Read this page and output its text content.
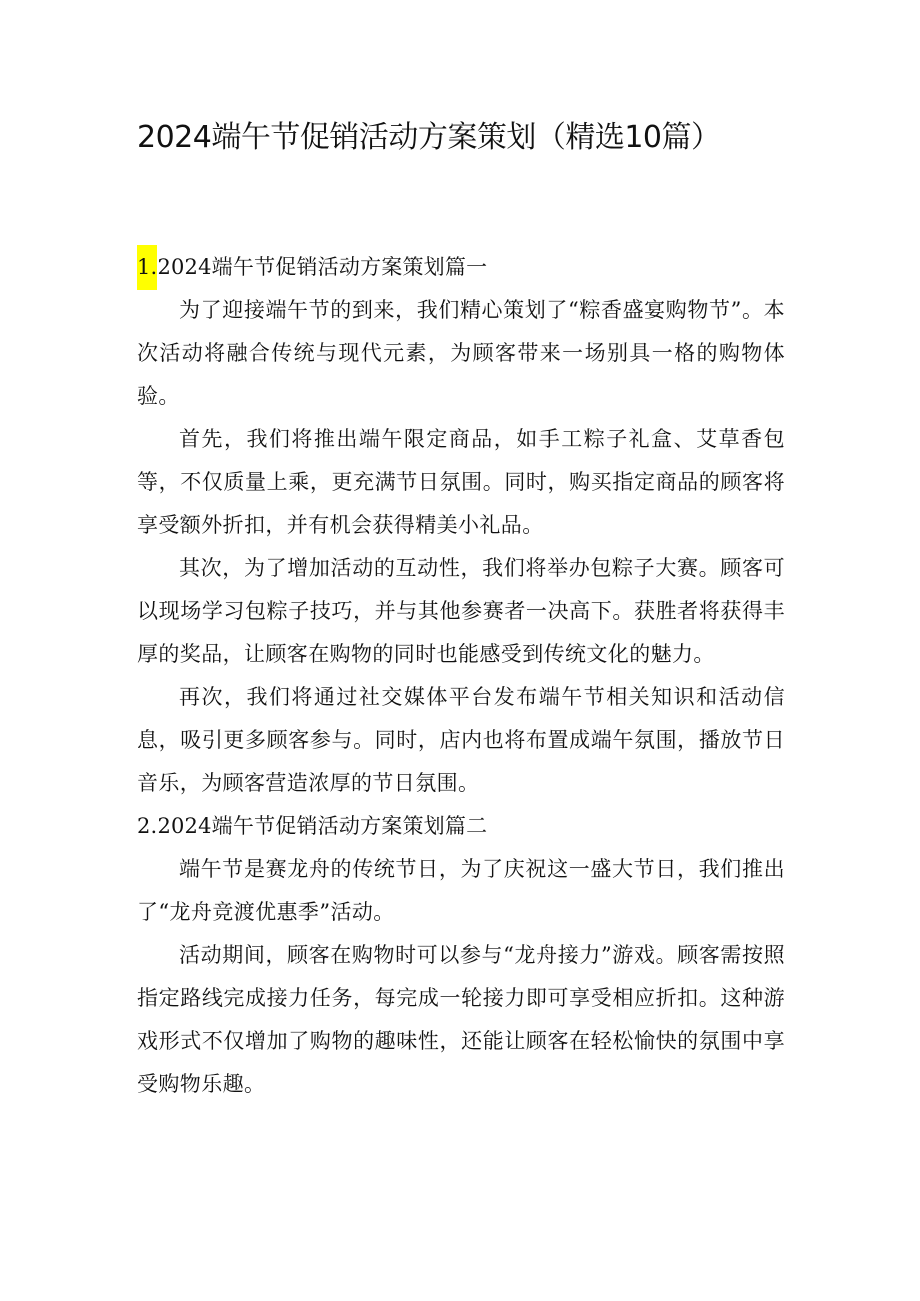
2024端午节促销活动方案策划（精选10篇）
1. 2024端午节促销活动方案策划篇一

为了迎接端午节的到来，我们精心策划了“粽香盛宴购物节”。本次活动将融合传统与现代元素，为顾客带来一场别具一格的购物体验。

首先，我们将推出端午限定商品，如手工粽子礼盒、艾草香包等，不仅质量上乘，更充满节日氛围。同时，购买指定商品的顾客将享受额外折扣，并有机会获得精美小礼品。

其次，为了增加活动的互动性，我们将举办包粽子大赛。顾客可以现场学习包粽子技巧，并与其他参赛者一决高下。获胜者将获得丰厚的奖品，让顾客在购物的同时也能感受到传统文化的魅力。

再次，我们将通过社交媒体平台发布端午节相关知识和活动信息，吸引更多顾客参与。同时，店内也将布置成端午氛围，播放节日音乐，为顾客营造浓厚的节日氛围。

2. 2024端午节促销活动方案策划篇二

端午节是赛龙舟的传统节日，为了庆祝这一盛大节日，我们推出了“龙舟竞渡优惠季”活动。

活动期间，顾客在购物时可以参与“龙舟接力”游戏。顾客需按照指定路线完成接力任务，每完成一轮接力即可享受相应折扣。这种游戏形式不仅增加了购物的趣味性，还能让顾客在轻松愉快的氛围中享受购物乐趣。
